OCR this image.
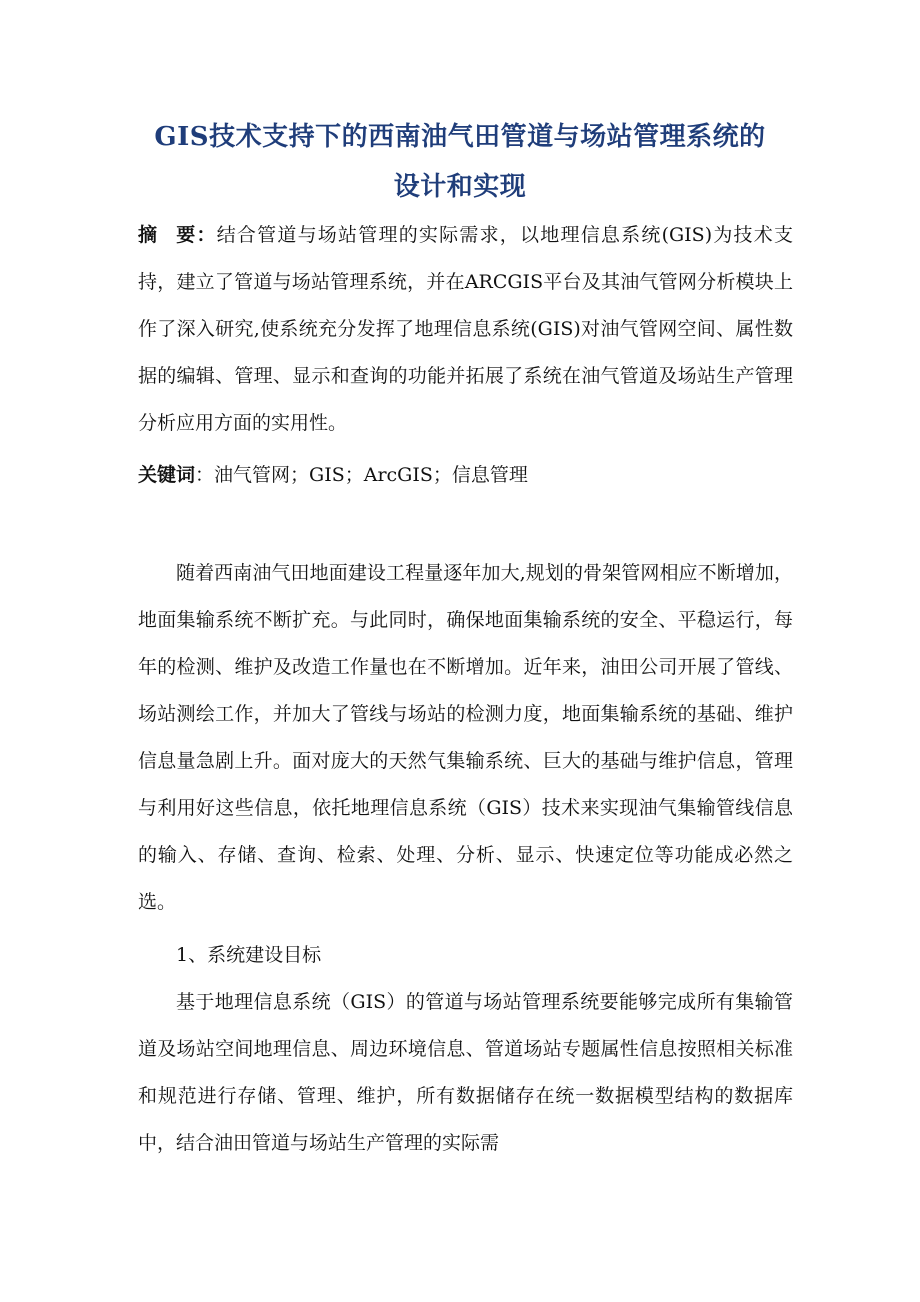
GIS技术支持下的西南油气田管道与场站管理系统的
设计和实现
摘要：结合管道与场站管理的实际需求，以地理信息系统(GIS)为技术支持，建立了管道与场站管理系统，并在ARCGIS平台及其油气管网分析模块上作了深入研究,使系统充分发挥了地理信息系统(GIS)对油气管网空间、属性数据的编辑、管理、显示和查询的功能并拓展了系统在油气管道及场站生产管理分析应用方面的实用性。
关键词：油气管网；GIS；ArcGIS；信息管理
随着西南油气田地面建设工程量逐年加大,规划的骨架管网相应不断增加，地面集输系统不断扩充。与此同时，确保地面集输系统的安全、平稳运行，每年的检测、维护及改造工作量也在不断增加。近年来，油田公司开展了管线、场站测绘工作，并加大了管线与场站的检测力度，地面集输系统的基础、维护信息量急剧上升。面对庞大的天然气集输系统、巨大的基础与维护信息，管理与利用好这些信息，依托地理信息系统（GIS）技术来实现油气集输管线信息的输入、存储、查询、检索、处理、分析、显示、快速定位等功能成必然之选。
1、系统建设目标
基于地理信息系统（GIS）的管道与场站管理系统要能够完成所有集输管道及场站空间地理信息、周边环境信息、管道场站专题属性信息按照相关标准和规范进行存储、管理、维护，所有数据储存在统一数据模型结构的数据库中，结合油田管道与场站生产管理的实际需
